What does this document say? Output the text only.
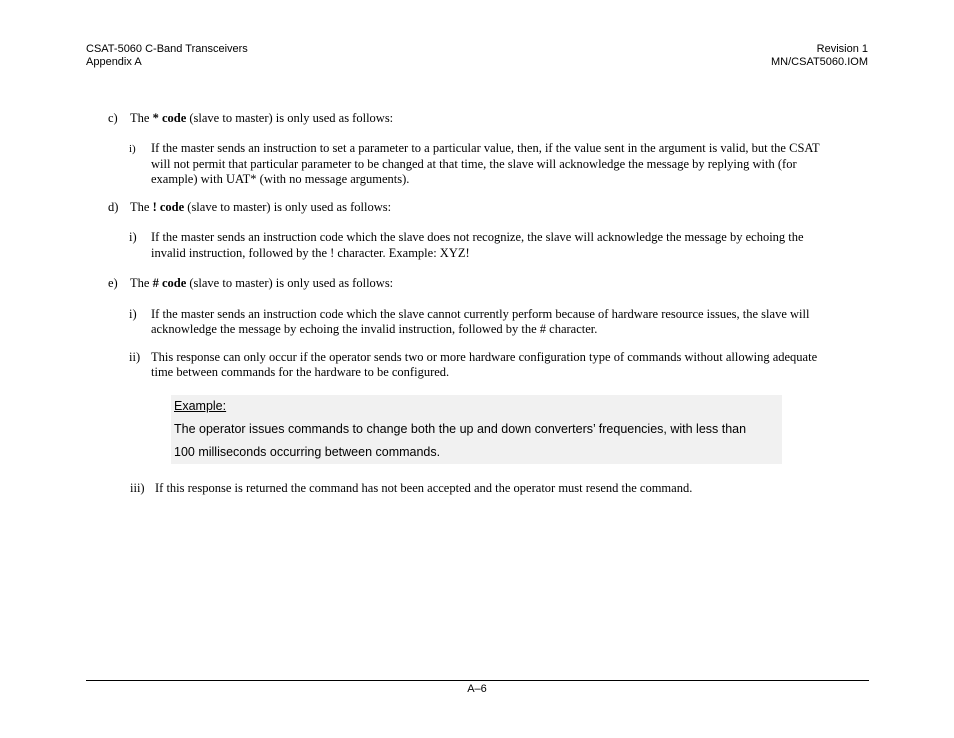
CSAT-5060 C-Band Transceivers
Appendix A
Revision 1
MN/CSAT5060.IOM
c) The * code (slave to master) is only used as follows:
i) If the master sends an instruction to set a parameter to a particular value, then, if the value sent in the argument is valid, but the CSAT
will not permit that particular parameter to be changed at that time, the slave will acknowledge the message by replying with (for
example) with UAT* (with no message arguments).
d) The ! code (slave to master) is only used as follows:
i) If the master sends an instruction code which the slave does not recognize, the slave will acknowledge the message by echoing the
invalid instruction, followed by the ! character. Example: XYZ!
e) The # code (slave to master) is only used as follows:
i) If the master sends an instruction code which the slave cannot currently perform because of hardware resource issues, the slave will
acknowledge the message by echoing the invalid instruction, followed by the # character.
ii) This response can only occur if the operator sends two or more hardware configuration type of commands without allowing adequate
time between commands for the hardware to be configured.
iii) If this response is returned the command has not been accepted and the operator must resend the command.
Example:
The operator issues commands to change both the up and down converters’ frequencies, with less than
100 milliseconds occurring between commands.
A–6
